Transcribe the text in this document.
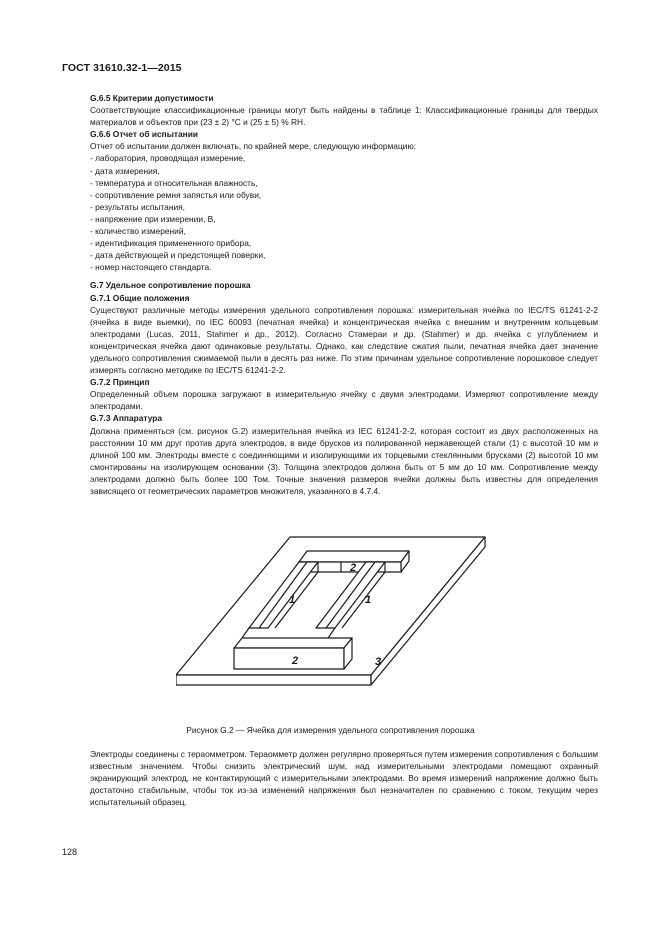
ГОСТ 31610.32-1—2015

G.6.5 Критерии допустимости

Соответствующие классификационные границы могут быть найдены в таблице 1: Классификационные границы для твердых материалов и объектов при (23 ± 2) °С и (25 ± 5) % RH.

G.6.6 Отчет об испытании

Отчет об испытании должен включать, по крайней мере, следующую информацию:

- лаборатория, проводящая измерение,
- дата измерения,
- температура и относительная влажность,
- сопротивление ремня запястья или обуви,
- результаты испытания,
- напряжение при измерении, В,
- количество измерений,
- идентификация примененного прибора,
- дата действующей и предстоящей поверки,
- номер настоящего стандарта.

G.7 Удельное сопротивление порошка

G.7.1 Общие положения

Существуют различные методы измерения удельного сопротивления порошка: измерительная ячейка по IEC/TS 61241-2-2 (ячейка в виде выемки), по IEC 60093 (печатная ячейка) и концентрическая ячейка с внешним и внутренним кольцевым электродами (Lucas, 2011, Stahmer и др., 2012). Согласно Стамераи и др. (Stahmer) и др. ячейка с углублением и концентрическая ячейка дают одинаковые результаты. Однако, как следствие сжатия пыли, печатная ячейка дает значение удельного сопротивления сжимаемой пыли в десять раз ниже. По этим причинам удельное сопротивление порошковое следует измерять согласно методике по IEC/TS 61241-2-2.

G.7.2 Принцип

Определенный объем порошка загружают в измерительную ячейку с двумя электродами. Измеряют сопротивление между электродами.

G.7.3 Аппаратура

Должна применяться (см. рисунок G.2) измерительная ячейка из IEC 61241-2-2, которая состоит из двух расположенных на расстоянии 10 мм друг против друга электродов, в виде брусков из полированной нержавеющей стали (1) с высотой 10 мм и длиной 100 мм. Электроды вместе с соединяющими и изолирующими их торцевыми стеклянными брусками (2) высотой 10 мм смонтированы на изолирующем основании (3). Толщина электродов должна быть от 5 мм до 10 мм. Сопротивление между электродами должно быть более 100 Том. Точные значения размеров ячейки должны быть известны для определения зависящего от геометрических параметров множителя, указанного в 4.7.4.

2
1	1
2	3
Рисунок G.2 — Ячейка для измерения удельного сопротивления порошка

Электроды соединены с тераомметром. Тераомметр должен регулярно проверяться путем измерения сопротивления с большим известным значением. Чтобы снизить электрический шум, над измерительными электродами помещают охранный экранирующий электрод, не контактирующий с измерительными электродами. Во время измерений напряжение должно быть достаточно стабильным, чтобы ток из-за изменений напряжения был незначителен по сравнению с током, текущим через испытательный образец.

128
